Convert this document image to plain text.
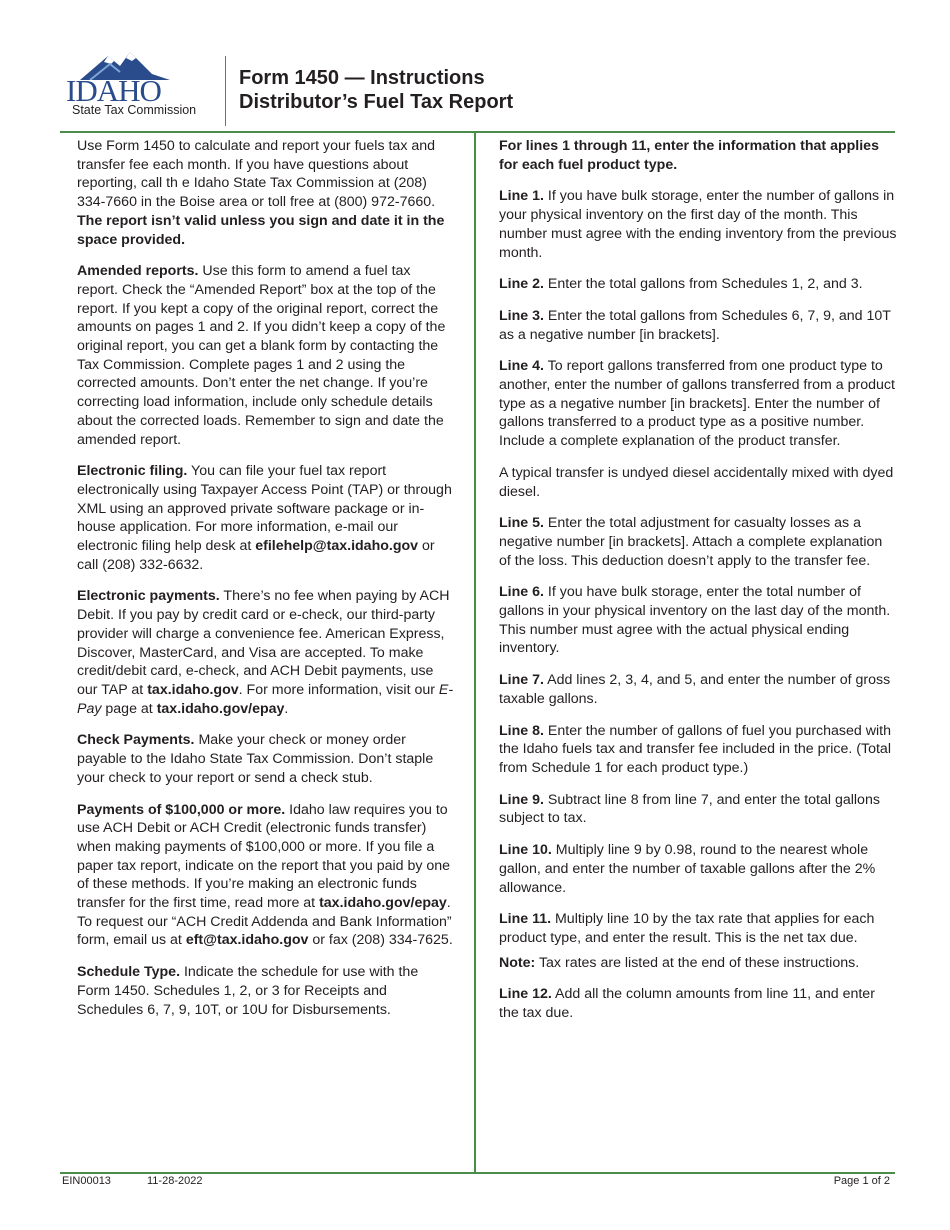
IDAHO
State Tax Commission
Form 1450 — Instructions
Distributor’s Fuel Tax Report

Use Form 1450 to calculate and report your fuels tax and transfer fee each month. If you have questions about reporting, call th e Idaho State Tax Commission at (208) 334-7660 in the Boise area or toll free at (800) 972-7660. The report isn’t valid unless you sign and date it in the space provided.

Amended reports. Use this form to amend a fuel tax report. Check the “Amended Report” box at the top of the report. If you kept a copy of the original report, correct the amounts on pages 1 and 2. If you didn’t keep a copy of the original report, you can get a blank form by contacting the Tax Commission. Complete pages 1 and 2 using the corrected amounts. Don’t enter the net change. If you’re correcting load information, include only schedule details about the corrected loads. Remember to sign and date the amended report.

Electronic filing. You can file your fuel tax report electronically using Taxpayer Access Point (TAP) or through XML using an approved private software package or in-house application. For more information, e-mail our electronic filing help desk at efilehelp@tax.idaho.gov or call (208) 332-6632.

Electronic payments. There’s no fee when paying by ACH Debit. If you pay by credit card or e-check, our third-party provider will charge a convenience fee. American Express, Discover, MasterCard, and Visa are accepted. To make credit/debit card, e-check, and ACH Debit payments, use our TAP at tax.idaho.gov. For more information, visit our E-Pay page at tax.idaho.gov/epay.

Check Payments. Make your check or money order payable to the Idaho State Tax Commission. Don’t staple your check to your report or send a check stub.

Payments of $100,000 or more. Idaho law requires you to use ACH Debit or ACH Credit (electronic funds transfer) when making payments of $100,000 or more. If you file a paper tax report, indicate on the report that you paid by one of these methods. If you’re making an electronic funds transfer for the first time, read more at tax.idaho.gov/epay. To request our “ACH Credit Addenda and Bank Information” form, email us at eft@tax.idaho.gov or fax (208) 334-7625.

Schedule Type. Indicate the schedule for use with the Form 1450. Schedules 1, 2, or 3 for Receipts and Schedules 6, 7, 9, 10T, or 10U for Disbursements.

For lines 1 through 11, enter the information that applies for each fuel product type.

Line 1. If you have bulk storage, enter the number of gallons in your physical inventory on the first day of the month. This number must agree with the ending inventory from the previous month.

Line 2. Enter the total gallons from Schedules 1, 2, and 3.

Line 3. Enter the total gallons from Schedules 6, 7, 9, and 10T as a negative number [in brackets].

Line 4. To report gallons transferred from one product type to another, enter the number of gallons transferred from a product type as a negative number [in brackets]. Enter the number of gallons transferred to a product type as a positive number. Include a complete explanation of the product transfer.

A typical transfer is undyed diesel accidentally mixed with dyed diesel.

Line 5. Enter the total adjustment for casualty losses as a negative number [in brackets]. Attach a complete explanation of the loss. This deduction doesn’t apply to the transfer fee.

Line 6. If you have bulk storage, enter the total number of gallons in your physical inventory on the last day of the month. This number must agree with the actual physical ending inventory.

Line 7. Add lines 2, 3, 4, and 5, and enter the number of gross taxable gallons.

Line 8. Enter the number of gallons of fuel you purchased with the Idaho fuels tax and transfer fee included in the price. (Total from Schedule 1 for each product type.)

Line 9. Subtract line 8 from line 7, and enter the total gallons subject to tax.

Line 10. Multiply line 9 by 0.98, round to the nearest whole gallon, and enter the number of taxable gallons after the 2% allowance.

Line 11. Multiply line 10 by the tax rate that applies for each product type, and enter the result. This is the net tax due.

Note: Tax rates are listed at the end of these instructions.

Line 12. Add all the column amounts from line 11, and enter the tax due.

EIN00013	11-28-2022	Page 1 of 2
